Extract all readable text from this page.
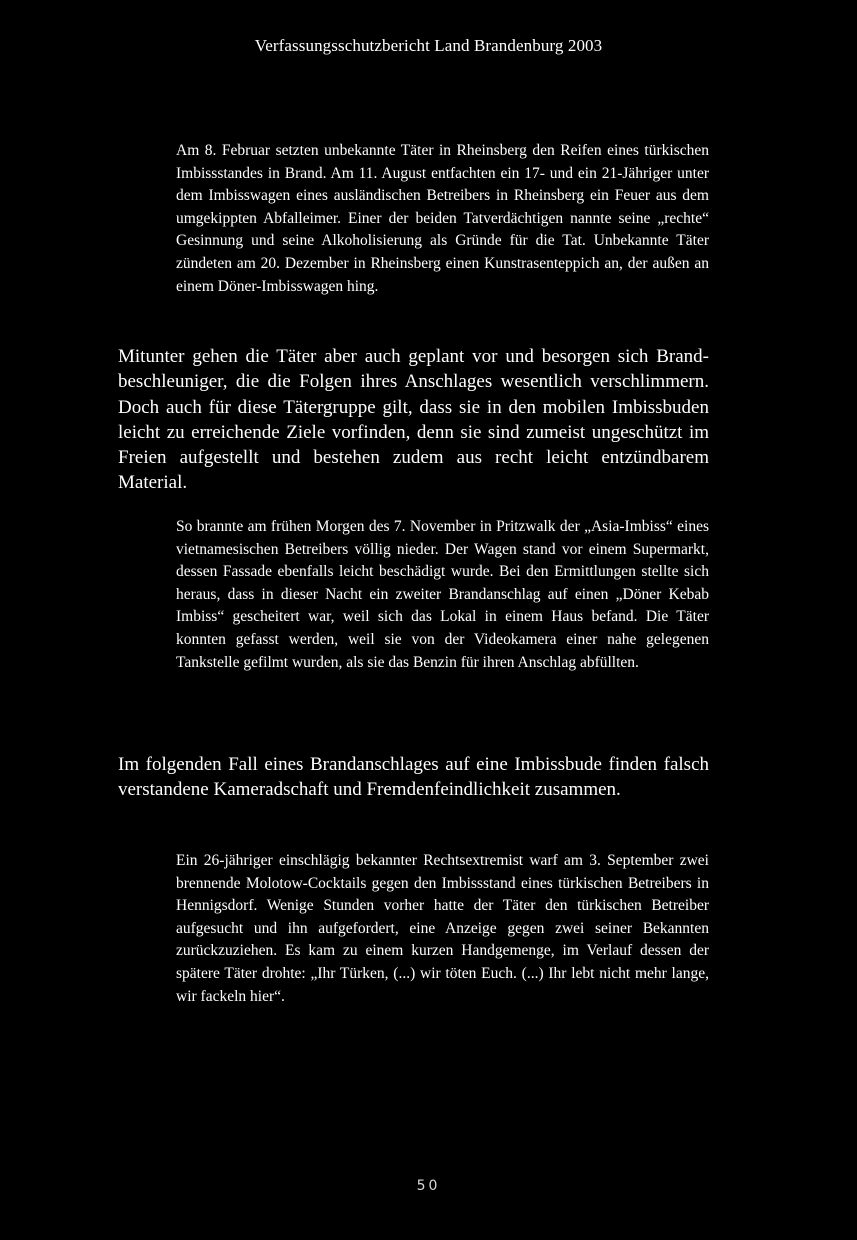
Verfassungsschutzbericht Land Brandenburg 2003
Am 8. Februar setzten unbekannte Täter in Rheinsberg den Reifen eines türkischen Imbissstandes in Brand. Am 11. August entfachten ein 17- und ein 21-Jähriger unter dem Imbisswagen eines ausländischen Betreibers in Rheinsberg ein Feuer aus dem umgekippten Abfalleimer. Einer der beiden Tatverdächtigen nannte seine „rechte“ Gesinnung und seine Alkoholisierung als Gründe für die Tat. Unbekannte Täter zündeten am 20. Dezember in Rheinsberg einen Kunstrasenteppich an, der außen an einem Döner-Imbisswagen hing.
Mitunter gehen die Täter aber auch geplant vor und besorgen sich Brandbeschleuniger, die die Folgen ihres Anschlages wesentlich verschlimmern. Doch auch für diese Tätergruppe gilt, dass sie in den mobilen Imbissbuden leicht zu erreichende Ziele vorfinden, denn sie sind zumeist ungeschützt im Freien aufgestellt und bestehen zudem aus recht leicht entzündbarem Material.
So brannte am frühen Morgen des 7. November in Pritzwalk der „Asia-Imbiss“ eines vietnamesischen Betreibers völlig nieder. Der Wagen stand vor einem Supermarkt, dessen Fassade ebenfalls leicht beschädigt wurde. Bei den Ermittlungen stellte sich heraus, dass in dieser Nacht ein zweiter Brandanschlag auf einen „Döner Kebab Imbiss“ gescheitert war, weil sich das Lokal in einem Haus befand. Die Täter konnten gefasst werden, weil sie von der Videokamera einer nahe gelegenen Tankstelle gefilmt wurden, als sie das Benzin für ihren Anschlag abfüllten.
Im folgenden Fall eines Brandanschlages auf eine Imbissbude finden falsch verstandene Kameradschaft und Fremdenfeindlichkeit zusammen.
Ein 26-jähriger einschlägig bekannter Rechtsextremist warf am 3. September zwei brennende Molotow-Cocktails gegen den Imbissstand eines türkischen Betreibers in Hennigsdorf. Wenige Stunden vorher hatte der Täter den türkischen Betreiber aufgesucht und ihn aufgefordert, eine Anzeige gegen zwei seiner Bekannten zurückzuziehen. Es kam zu einem kurzen Handgemenge, im Verlauf dessen der spätere Täter drohte: „Ihr Türken, (...) wir töten Euch. (...) Ihr lebt nicht mehr lange, wir fackeln hier“.
50
